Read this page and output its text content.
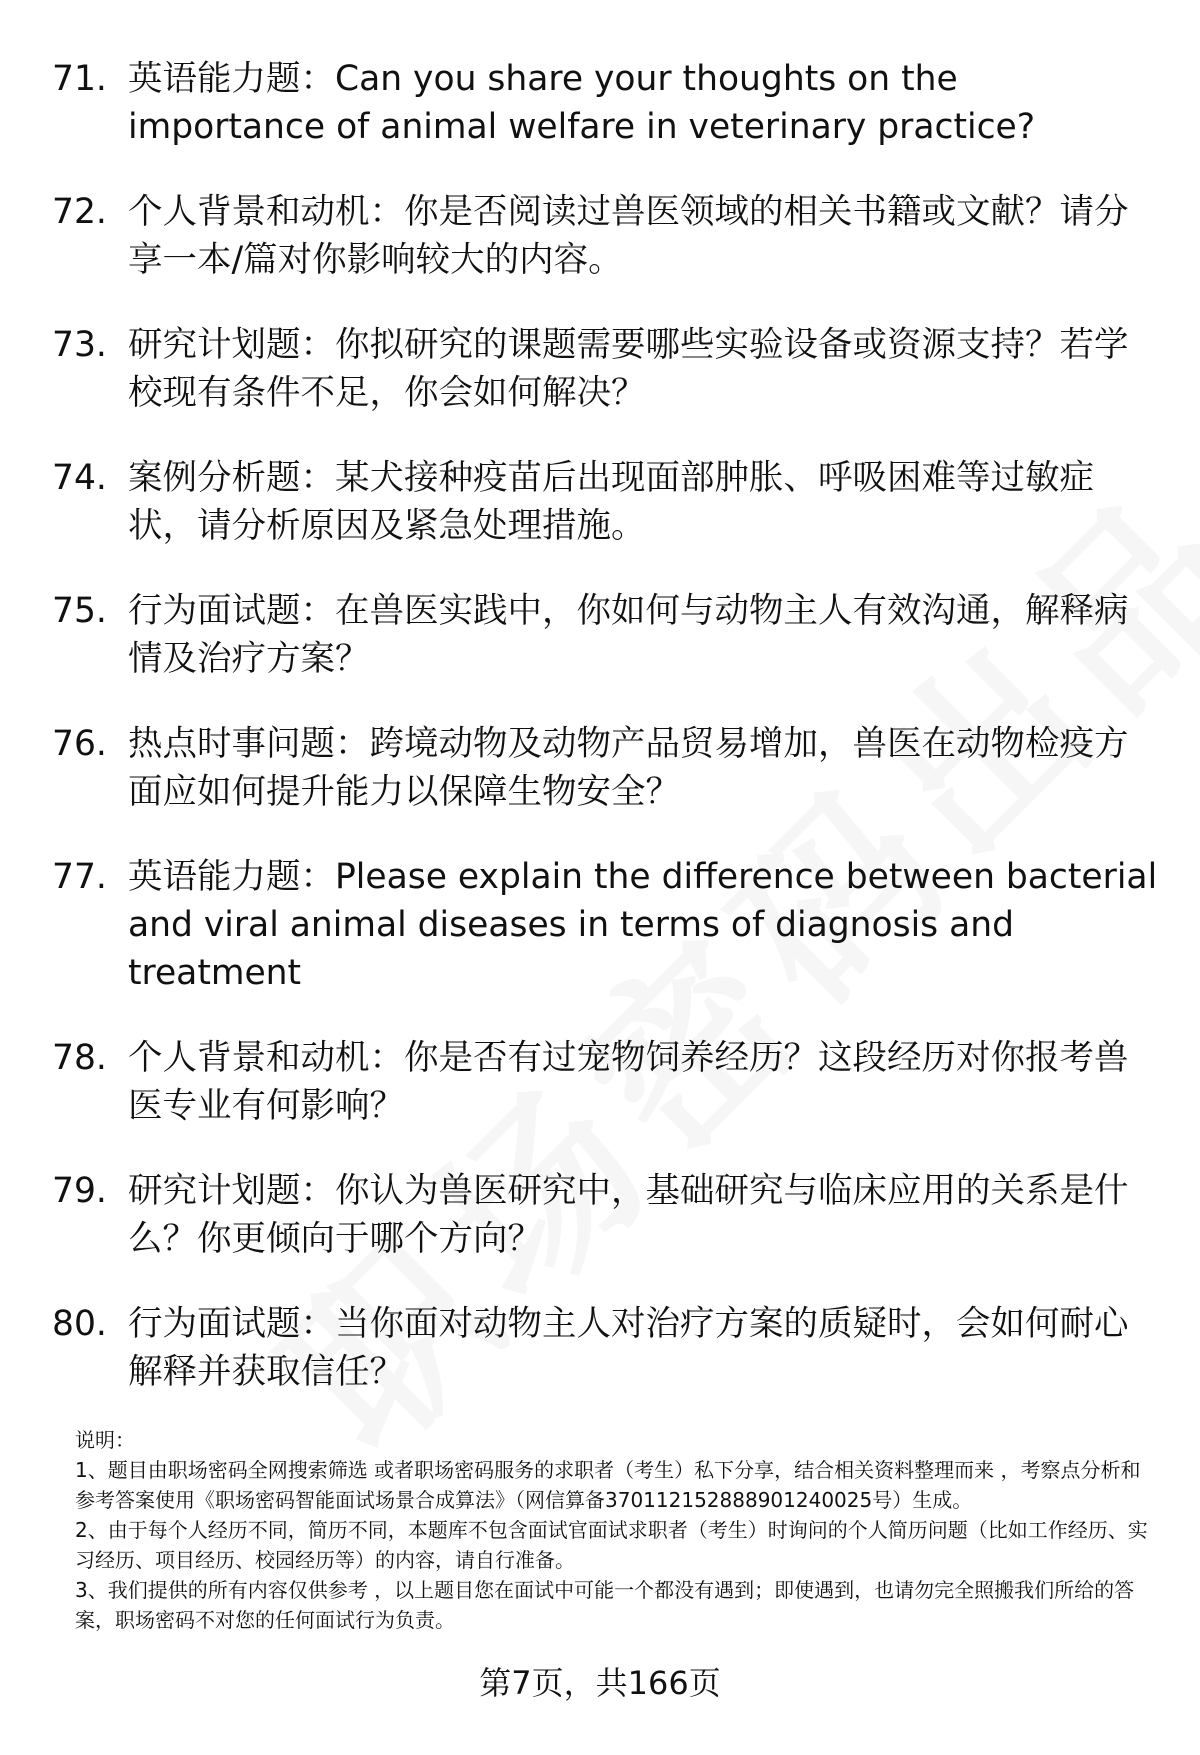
71. 英语能力题：Can you share your thoughts on the importance of animal welfare in veterinary practice?
72. 个人背景和动机：你是否阅读过兽医领域的相关书籍或文献？请分享一本/篇对你影响较大的内容。
73. 研究计划题：你拟研究的课题需要哪些实验设备或资源支持？若学校现有条件不足，你会如何解决？
74. 案例分析题：某犬接种疫苗后出现面部肿胀、呼吸困难等过敏症状，请分析原因及紧急处理措施。
75. 行为面试题：在兽医实践中，你如何与动物主人有效沟通，解释病情及治疗方案？
76. 热点时事问题：跨境动物及动物产品贸易增加，兽医在动物检疫方面应如何提升能力以保障生物安全？
77. 英语能力题：Please explain the difference between bacterial and viral animal diseases in terms of diagnosis and treatment
78. 个人背景和动机：你是否有过宠物饲养经历？这段经历对你报考兽医专业有何影响？
79. 研究计划题：你认为兽医研究中，基础研究与临床应用的关系是什么？你更倾向于哪个方向？
80. 行为面试题：当你面对动物主人对治疗方案的质疑时，会如何耐心解释并获取信任？

说明：

1、题目由职场密码全网搜索筛选 或者职场密码服务的求职者（考生）私下分享，结合相关资料整理而来 ，考察点分析和参考答案使用《职场密码智能面试场景合成算法》（网信算备37011215288890124​0025号）生成。

2、由于每个人经历不同，简历不同，本题库不包含面试官面试求职者（考生）时询问的个人简历问题（比如工作经历、实习经历、项目经历、校园经历等）的内容，请自行准备。

3、我们提供的所有内容仅供参考 ，以上题目您在面试中可能一个都没有遇到；即使遇到，也请勿完全照搬我们所给的答案，职场密码不对您的任何面试行为负责。

第7页，共166页
